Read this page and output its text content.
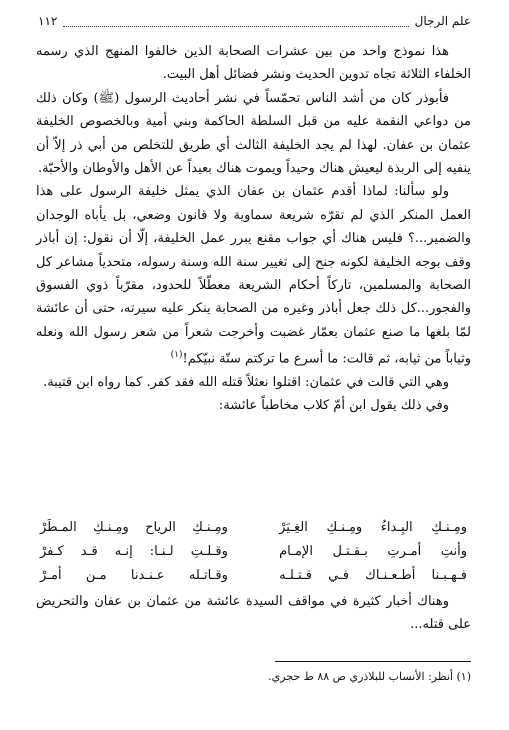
علم الرجال
١١٢

هذا نموذج واحد من بين عشرات الصحابة الذين خالفوا المنهج الذي رسمه الخلفاء الثلاثة تجاه تدوين الحديث ونشر فضائل أهل البيت.

فأبوذر كان من أشد الناس تحمّساً في نشر أحاديث الرسول (ﷺ) وكان ذلك من دواعي النقمة عليه من قبل السلطة الحاكمة وبني أمية وبالخصوص الخليفة عثمان بن عفان. لهذا لم يجد الخليفة الثالث أي طريق للتخلص من أبي ذر إلاّ أن ينفيه إلى الربذة ليعيش هناك وحيداً ويموت هناك بعيداً عن الأهل والأوطان والأحبّة.

ولو سألنا: لماذا أقدم عثمان بن عفان الذي يمثل خليفة الرسول على هذا العمل المنكر الذي لم تقرّه شريعة سماوية ولا قانون وضعي، بل يأباه الوجدان والضمير...؟ فليس هناك أي جواب مقنع يبرر عمل الخليفة، إلّا أن نقول: إن أباذر وقف بوجه الخليفة لكونه جنح إلى تغيير سنة الله وسنة رسوله، متحدياً مشاعر كل الصحابة والمسلمين، تاركاً أحكام الشريعة معطّلاً للحدود، مقرّباً ذوي الفسوق والفجور...كل ذلك جعل أباذر وغيره من الصحابة ينكر عليه سيرته، حتى أن عائشة لمّا بلغها ما صنع عثمان بعمّار غضبت وأخرجت شعراً من شعر رسول الله ونعله وثياباً من ثيابه، ثم قالت: ما أسرع ما تركتم سنّة نبيّكم!$^{(١)}$

وهي التي قالت في عثمان: اقتلوا نعثلاً قتله الله فقد كفر. كما رواه ابن قتيبة.

وفي ذلك يقول ابن أمّ كلاب مخاطباً عائشة:

ومِـنـكِ البِـداءُ ومِـنـكِ الغِـيَرْ
ومِـنـكِ الرياح ومِـنـكِ المـطَرْ
وأنتِ أمـرتِ بـقـتـل الإمـام
وقـلـتِ لـنـا: إنـه قـد كـفرْ
فـهـبـنا أطـعـنـاك فـي قـتـلـه
وقـاتـله عـنـدنا مـن أمـرْ

وهناك أخبار كثيرة في مواقف السيدة عائشة من عثمان بن عفان والتحريض على قتله...

(١) أنظر: الأنساب للبلاذري ص ٨٨ ط حجري.
